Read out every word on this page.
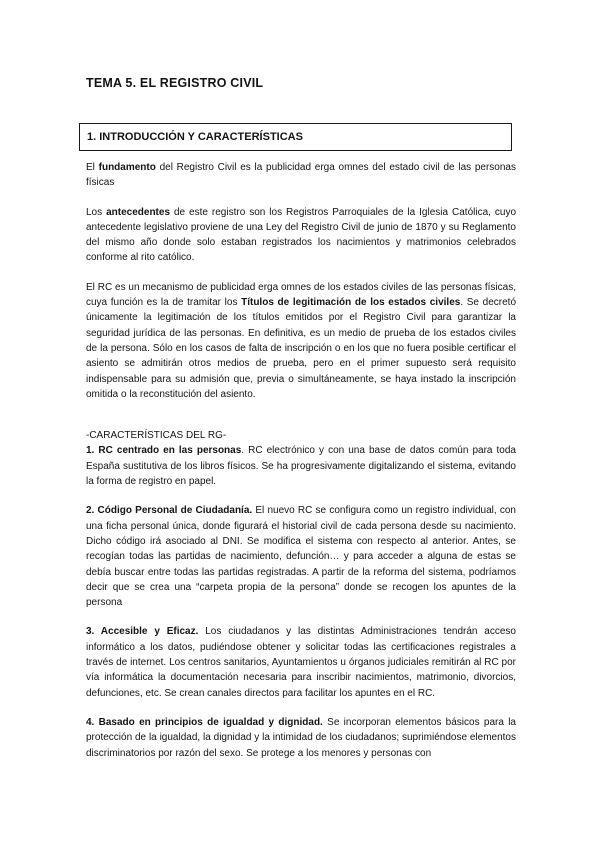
TEMA 5. EL REGISTRO CIVIL
1. INTRODUCCIÓN Y CARACTERÍSTICAS

El fundamento del Registro Civil es la publicidad erga omnes del estado civil de las personas físicas

Los antecedentes de este registro son los Registros Parroquiales de la Iglesia Católica, cuyo antecedente legislativo proviene de una Ley del Registro Civil de junio de 1870 y su Reglamento del mismo año donde solo estaban registrados los nacimientos y matrimonios celebrados conforme al rito católico.

El RC es un mecanismo de publicidad erga omnes de los estados civiles de las personas físicas, cuya función es la de tramitar los Títulos de legitimación de los estados civiles. Se decretó únicamente la legitimación de los títulos emitidos por el Registro Civil para garantizar la seguridad jurídica de las personas. En definitiva, es un medio de prueba de los estados civiles de la persona. Sólo en los casos de falta de inscripción o en los que no fuera posible certificar el asiento se admitirán otros medios de prueba, pero en el primer supuesto será requisito indispensable para su admisión que, previa o simultáneamente, se haya instado la inscripción omitida o la reconstitución del asiento.

-CARACTERÍSTICAS DEL RG-

1. RC centrado en las personas. RC electrónico y con una base de datos común para toda España sustitutiva de los libros físicos. Se ha progresivamente digitalizando el sistema, evitando la forma de registro en papel.

2. Código Personal de Ciudadanía. El nuevo RC se configura como un registro individual, con una ficha personal única, donde figurará el historial civil de cada persona desde su nacimiento. Dicho código irá asociado al DNI. Se modifica el sistema con respecto al anterior. Antes, se recogían todas las partidas de nacimiento, defunción… y para acceder a alguna de estas se debía buscar entre todas las partidas registradas. A partir de la reforma del sistema, podríamos decir que se crea una “carpeta propia de la persona” donde se recogen los apuntes de la persona

3. Accesible y Eficaz. Los ciudadanos y las distintas Administraciones tendrán acceso informático a los datos, pudiéndose obtener y solicitar todas las certificaciones registrales a través de internet. Los centros sanitarios, Ayuntamientos u órganos judiciales remitirán al RC por vía informática la documentación necesaria para inscribir nacimientos, matrimonio, divorcios, defunciones, etc. Se crean canales directos para facilitar los apuntes en el RC.

4. Basado en principios de igualdad y dignidad. Se incorporan elementos básicos para la protección de la igualdad, la dignidad y la intimidad de los ciudadanos; suprimiéndose elementos discriminatorios por razón del sexo. Se protege a los menores y personas con
